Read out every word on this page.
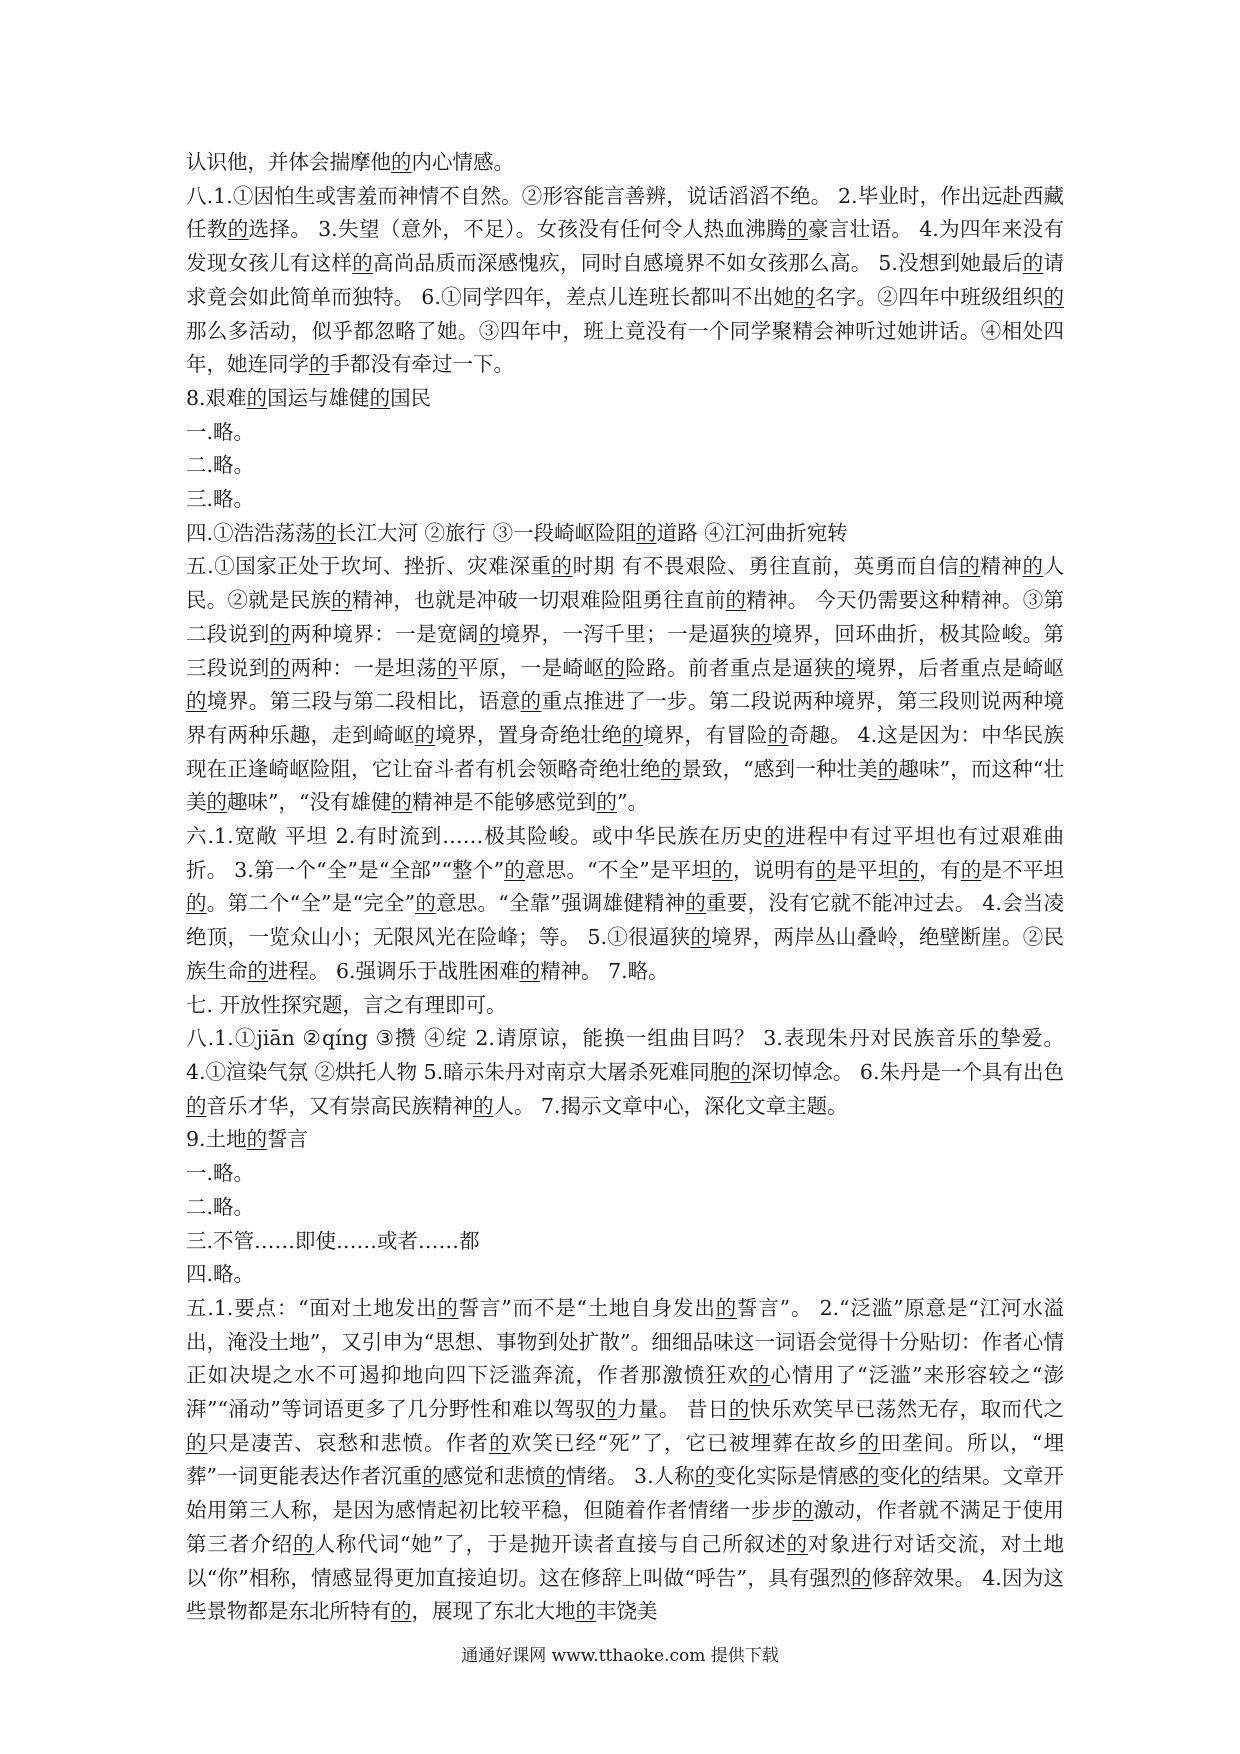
认识他，并体会揣摩他的内心情感。

八.1.①因怕生或害羞而神情不自然。②形容能言善辨，说话滔滔不绝。 2.毕业时，作出远赴西藏任教的选择。 3.失望（意外，不足）。女孩没有任何令人热血沸腾的豪言壮语。 4.为四年来没有发现女孩儿有这样的高尚品质而深感愧疚，同时自感境界不如女孩那么高。 5.没想到她最后的请求竟会如此简单而独特。 6.①同学四年，差点儿连班长都叫不出她的名字。②四年中班级组织的那么多活动，似乎都忽略了她。③四年中，班上竟没有一个同学聚精会神听过她讲话。④相处四年，她连同学的手都没有牵过一下。

8.艰难的国运与雄健的国民

一.略。

二.略。

三.略。

四.①浩浩荡荡的长江大河 ②旅行 ③一段崎岖险阻的道路 ④江河曲折宛转

五.①国家正处于坎坷、挫折、灾难深重的时期 有不畏艰险、勇往直前，英勇而自信的精神的人民。②就是民族的精神，也就是冲破一切艰难险阻勇往直前的精神。 今天仍需要这种精神。③第二段说到的两种境界：一是宽阔的境界，一泻千里；一是逼狭的境界，回环曲折，极其险峻。第三段说到的两种：一是坦荡的平原，一是崎岖的险路。前者重点是逼狭的境界，后者重点是崎岖的境界。第三段与第二段相比，语意的重点推进了一步。第二段说两种境界，第三段则说两种境界有两种乐趣，走到崎岖的境界，置身奇绝壮绝的境界，有冒险的奇趣。 4.这是因为：中华民族现在正逢崎岖险阻，它让奋斗者有机会领略奇绝壮绝的景致，“感到一种壮美的趣味”，而这种“壮美的趣味”，“没有雄健的精神是不能够感觉到的”。

六.1.宽敞 平坦 2.有时流到……极其险峻。或中华民族在历史的进程中有过平坦也有过艰难曲折。 3.第一个“全”是“全部”“整个”的意思。“不全”是平坦的，说明有的是平坦的，有的是不平坦的。第二个“全”是“完全”的意思。“全靠”强调雄健精神的重要，没有它就不能冲过去。 4.会当凌绝顶，一览众山小；无限风光在险峰；等。 5.①很逼狭的境界，两岸丛山叠岭，绝壁断崖。②民族生命的进程。 6.强调乐于战胜困难的精神。 7.略。

七. 开放性探究题，言之有理即可。

八.1.①jiān ②qíng ③攒 ④绽 2.请原谅，能换一组曲目吗？ 3.表现朱丹对民族音乐的挚爱。 4.①渲染气氛 ②烘托人物 5.暗示朱丹对南京大屠杀死难同胞的深切悼念。 6.朱丹是一个具有出色的音乐才华，又有崇高民族精神的人。 7.揭示文章中心，深化文章主题。

9.土地的誓言

一.略。

二.略。

三.不管……即使……或者……都

四.略。

五.1.要点：“面对土地发出的誓言”而不是“土地自身发出的誓言”。 2.“泛滥”原意是“江河水溢出，淹没土地”，又引申为“思想、事物到处扩散”。细细品味这一词语会觉得十分贴切：作者心情正如决堤之水不可遏抑地向四下泛滥奔流，作者那激愤狂欢的心情用了“泛滥”来形容较之“澎湃”“涌动”等词语更多了几分野性和难以驾驭的力量。 昔日的快乐欢笑早已荡然无存，取而代之的只是凄苦、哀愁和悲愤。作者的欢笑已经“死”了，它已被埋葬在故乡的田垄间。所以，“埋葬”一词更能表达作者沉重的感觉和悲愤的情绪。 3.人称的变化实际是情感的变化的结果。文章开始用第三人称，是因为感情起初比较平稳，但随着作者情绪一步步的激动，作者就不满足于使用第三者介绍的人称代词“她”了，于是抛开读者直接与自己所叙述的对象进行对话交流，对土地以“你”相称，情感显得更加直接迫切。这在修辞上叫做“呼告”，具有强烈的修辞效果。 4.因为这些景物都是东北所特有的，展现了东北大地的丰饶美

通通好课网 www.tthaoke.com 提供下载
